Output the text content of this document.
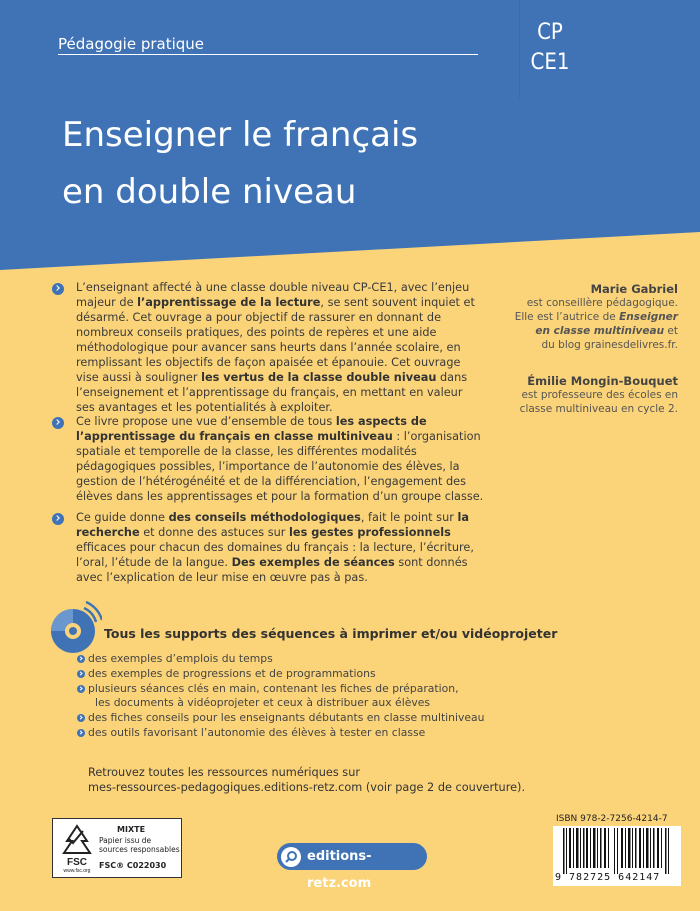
CP
CE1
Pédagogie pratique
Enseigner le français
en double niveau
L’enseignant affecté à une classe double niveau CP-CE1, avec l’enjeu majeur de l’apprentissage de la lecture, se sent souvent inquiet et désarmé. Cet ouvrage a pour objectif de rassurer en donnant de nombreux conseils pratiques, des points de repères et une aide méthodologique pour avancer sans heurts dans l’année scolaire, en remplissant les objectifs de façon apaisée et épanouie. Cet ouvrage vise aussi à souligner les vertus de la classe double niveau dans l’enseignement et l’apprentissage du français, en mettant en valeur ses avantages et les potentialités à exploiter.
Ce livre propose une vue d’ensemble de tous les aspects de l’apprentissage du français en classe multiniveau : l’organisation spatiale et temporelle de la classe, les différentes modalités pédagogiques possibles, l’importance de l’autonomie des élèves, la gestion de l’hétérogénéité et de la différenciation, l’engagement des élèves dans les apprentissages et pour la formation d’un groupe classe.
Ce guide donne des conseils méthodologiques, fait le point sur la recherche et donne des astuces sur les gestes professionnels efficaces pour chacun des domaines du français : la lecture, l’écriture, l’oral, l’étude de la langue. Des exemples de séances sont donnés avec l’explication de leur mise en œuvre pas à pas.
Marie Gabriel
est conseillère pédagogique.
Elle est l’autrice de Enseigner
en classe multiniveau et
du blog grainesdelivres.fr.
Émilie Mongin-Bouquet
est professeure des écoles en
classe multiniveau en cycle 2.
Tous les supports des séquences à imprimer et/ou vidéoprojeter
des exemples d’emplois du temps
des exemples de progressions et de programmations
plusieurs séances clés en main, contenant les fiches de préparation,
les documents à vidéoprojeter et ceux à distribuer aux élèves
des fiches conseils pour les enseignants débutants en classe multiniveau
des outils favorisant l’autonomie des élèves à tester en classe
Retrouvez toutes les ressources numériques sur
mes-ressources-pedagogiques.editions-retz.com (voir page 2 de couverture).
FSC
www.fsc.org
MIXTE
Papier issu de
sources responsables
FSC® C022030
editions-retz.com
ISBN 978-2-7256-4214-7
9 782725 642147
